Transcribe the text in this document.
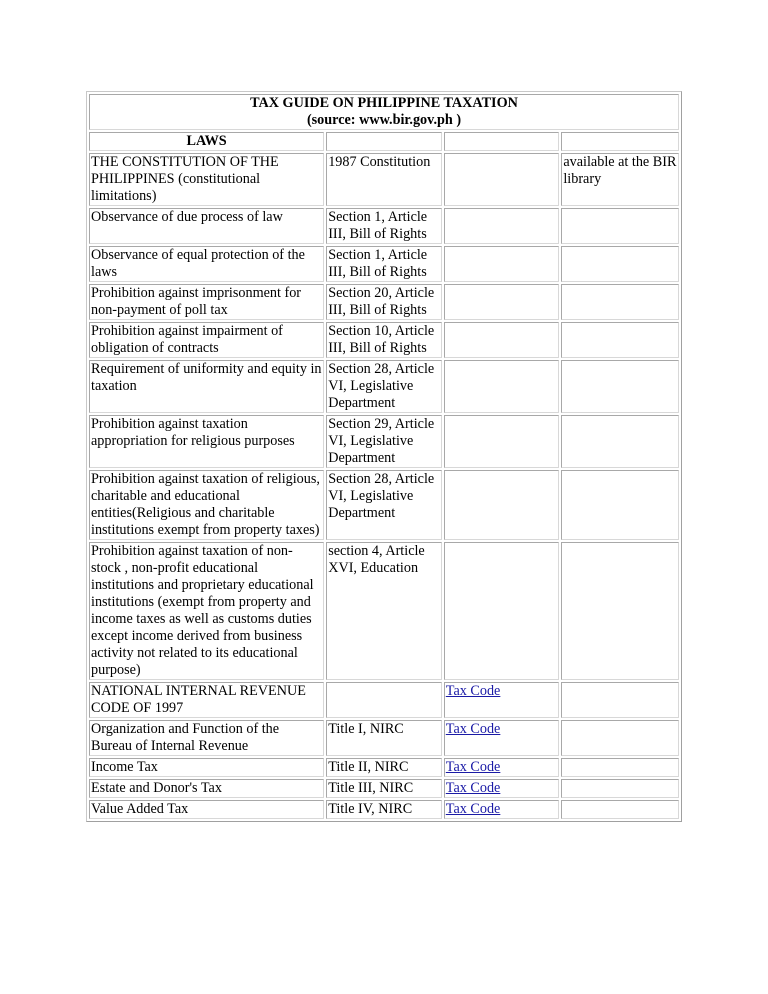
TAX GUIDE ON PHILIPPINE TAXATION
(source: www.bir.gov.ph )			

LAWS			
THE CONSTITUTION OF THE PHILIPPINES (constitutional limitations)	1987 Constitution		available at the BIR library
Observance of due process of law	Section 1, Article III, Bill of Rights		
Observance of equal protection of the laws	Section 1, Article III, Bill of Rights		
Prohibition against imprisonment for non-payment of poll tax	Section 20, Article III, Bill of Rights		
Prohibition against impairment of obligation of contracts	Section 10, Article III, Bill of Rights		
Requirement of uniformity and equity in taxation	Section 28, Article VI, Legislative Department		
Prohibition against taxation appropriation for religious purposes	Section 29, Article VI, Legislative Department		
Prohibition against taxation of religious, charitable and educational entities(Religious and charitable institutions exempt from property taxes)	Section 28, Article VI, Legislative Department		
Prohibition against taxation of non-stock , non-profit educational institutions and proprietary educational institutions (exempt from property and income taxes as well as customs duties except income derived from business activity not related to its educational purpose)	section 4, Article XVI, Education		
NATIONAL INTERNAL REVENUE CODE OF 1997		Tax Code	
Organization and Function of the Bureau of Internal Revenue	Title I, NIRC	Tax Code	
Income Tax	Title II, NIRC	Tax Code	
Estate and Donor's Tax	Title III, NIRC	Tax Code	
Value Added Tax	Title IV, NIRC	Tax Code	
